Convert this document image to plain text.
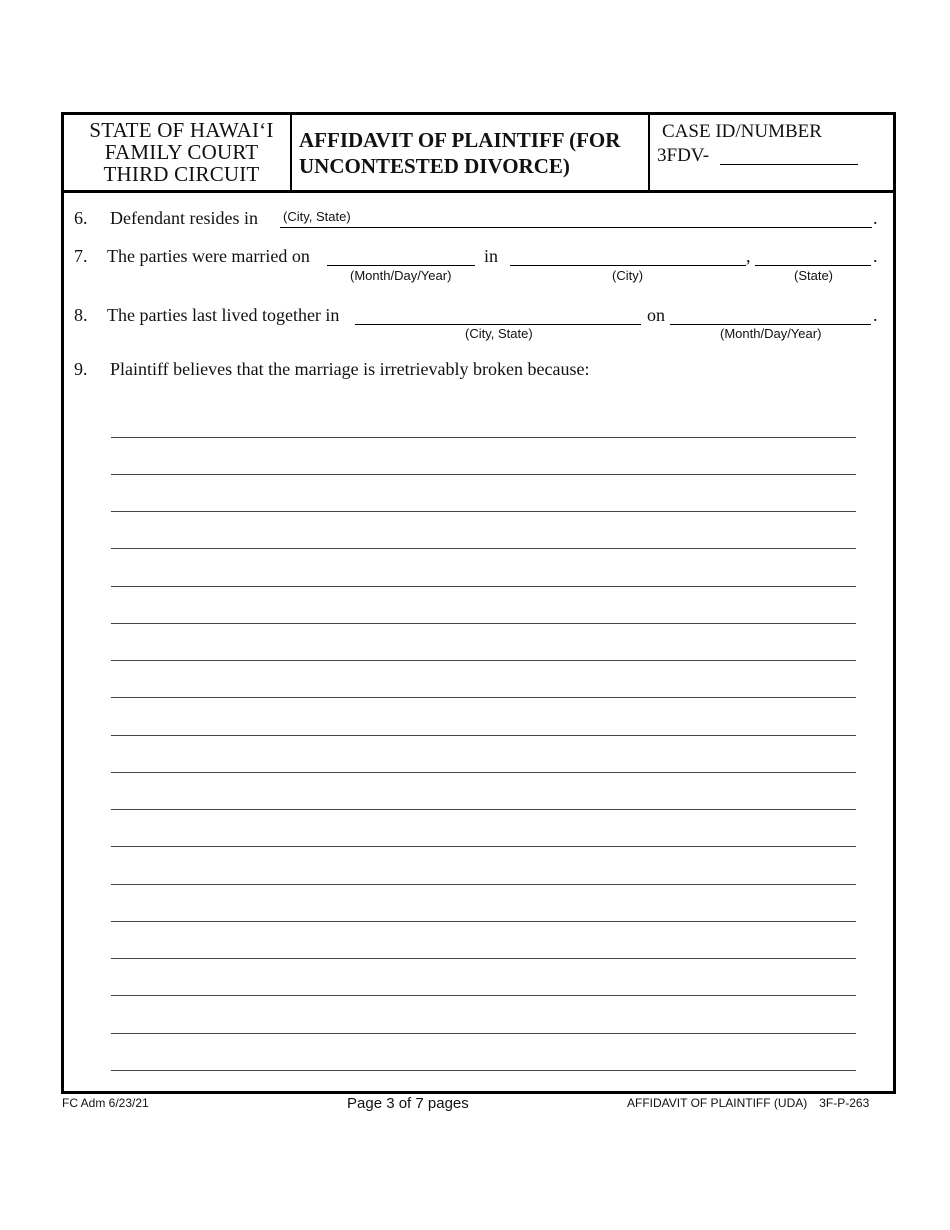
STATE OF HAWAI‘I
FAMILY COURT
THIRD CIRCUIT
AFFIDAVIT OF PLAINTIFF (FOR
UNCONTESTED DIVORCE)
CASE ID/NUMBER
3FDV-
6. Defendant resides in (City, State)	.
7. The parties were married on
(Month/Day/Year)
in
(City)
,
(State)
.
8. The parties last lived together in
(City, State)
on
(Month/Day/Year)
.
9. Plaintiff believes that the marriage is irretrievably broken because:
FC Adm 6/23/21	Page 3 of 7 pages	AFFIDAVIT OF PLAINTIFF (UDA) 3F-P-263
